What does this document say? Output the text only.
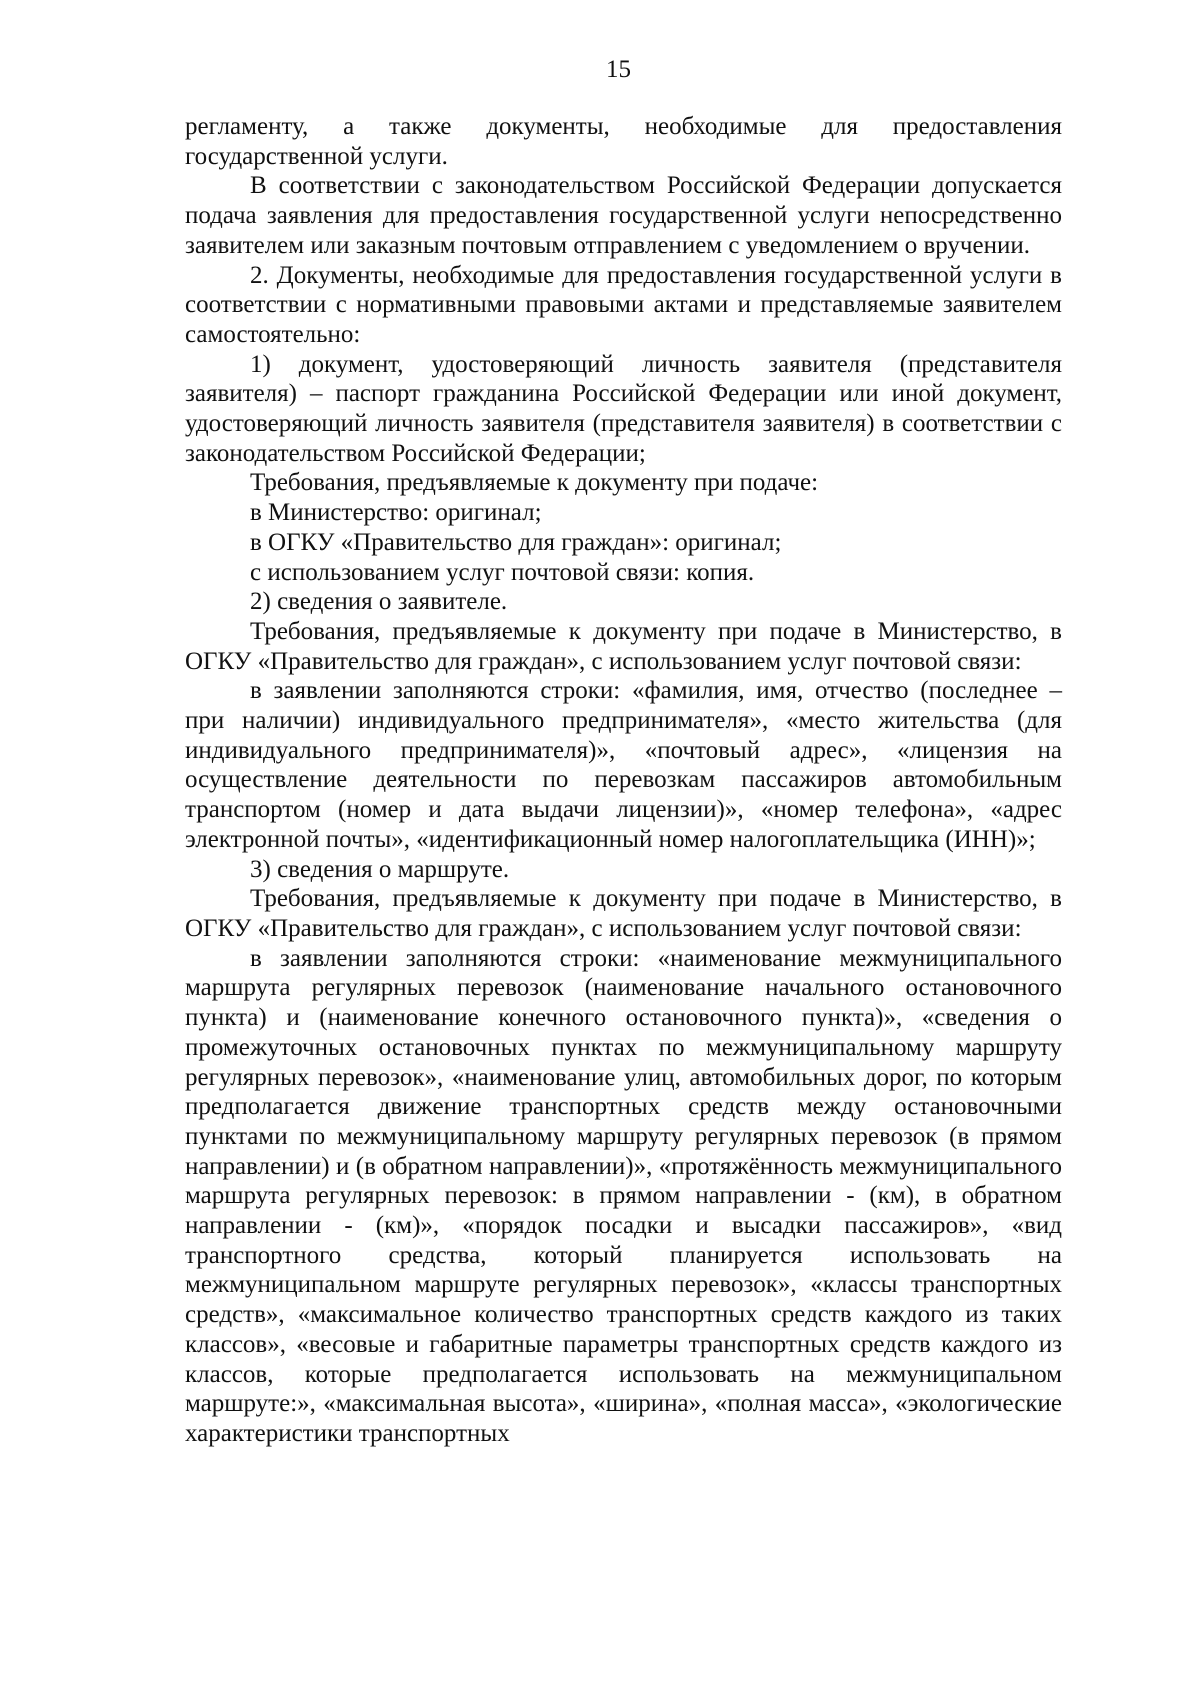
15

регламенту, а также документы, необходимые для предоставления государственной услуги.

В соответствии с законодательством Российской Федерации допускается подача заявления для предоставления государственной услуги непосредственно заявителем или заказным почтовым отправлением с уведомлением о вручении.

2. Документы, необходимые для предоставления государственной услуги в соответствии с нормативными правовыми актами и представляемые заявителем самостоятельно:

1) документ, удостоверяющий личность заявителя (представителя заявителя) – паспорт гражданина Российской Федерации или иной документ, удостоверяющий личность заявителя (представителя заявителя) в соответствии с законодательством Российской Федерации;

Требования, предъявляемые к документу при подаче:

в Министерство: оригинал;

в ОГКУ «Правительство для граждан»: оригинал;

с использованием услуг почтовой связи: копия.

2) сведения о заявителе.

Требования, предъявляемые к документу при подаче в Министерство, в ОГКУ «Правительство для граждан», с использованием услуг почтовой связи:

в заявлении заполняются строки: «фамилия, имя, отчество (последнее – при наличии) индивидуального предпринимателя», «место жительства (для индивидуального предпринимателя)», «почтовый адрес», «лицензия на осуществление деятельности по перевозкам пассажиров автомобильным транспортом (номер и дата выдачи лицензии)», «номер телефона», «адрес электронной почты», «идентификационный номер налогоплательщика (ИНН)»;

3) сведения о маршруте.

Требования, предъявляемые к документу при подаче в Министерство, в ОГКУ «Правительство для граждан», с использованием услуг почтовой связи:

в заявлении заполняются строки: «наименование межмуниципального маршрута регулярных перевозок (наименование начального остановочного пункта) и (наименование конечного остановочного пункта)», «сведения о промежуточных остановочных пунктах по межмуниципальному маршруту регулярных перевозок», «наименование улиц, автомобильных дорог, по которым предполагается движение транспортных средств между остановочными пунктами по межмуниципальному маршруту регулярных перевозок (в прямом направлении) и (в обратном направлении)», «протяжённость межмуниципального маршрута регулярных перевозок: в прямом направлении - (км), в обратном направлении - (км)», «порядок посадки и высадки пассажиров», «вид транспортного средства, который планируется использовать на межмуниципальном маршруте регулярных перевозок», «классы транспортных средств», «максимальное количество транспортных средств каждого из таких классов», «весовые и габаритные параметры транспортных средств каждого из классов, которые предполагается использовать на межмуниципальном маршруте:», «максимальная высота», «ширина», «полная масса», «экологические характеристики транспортных
